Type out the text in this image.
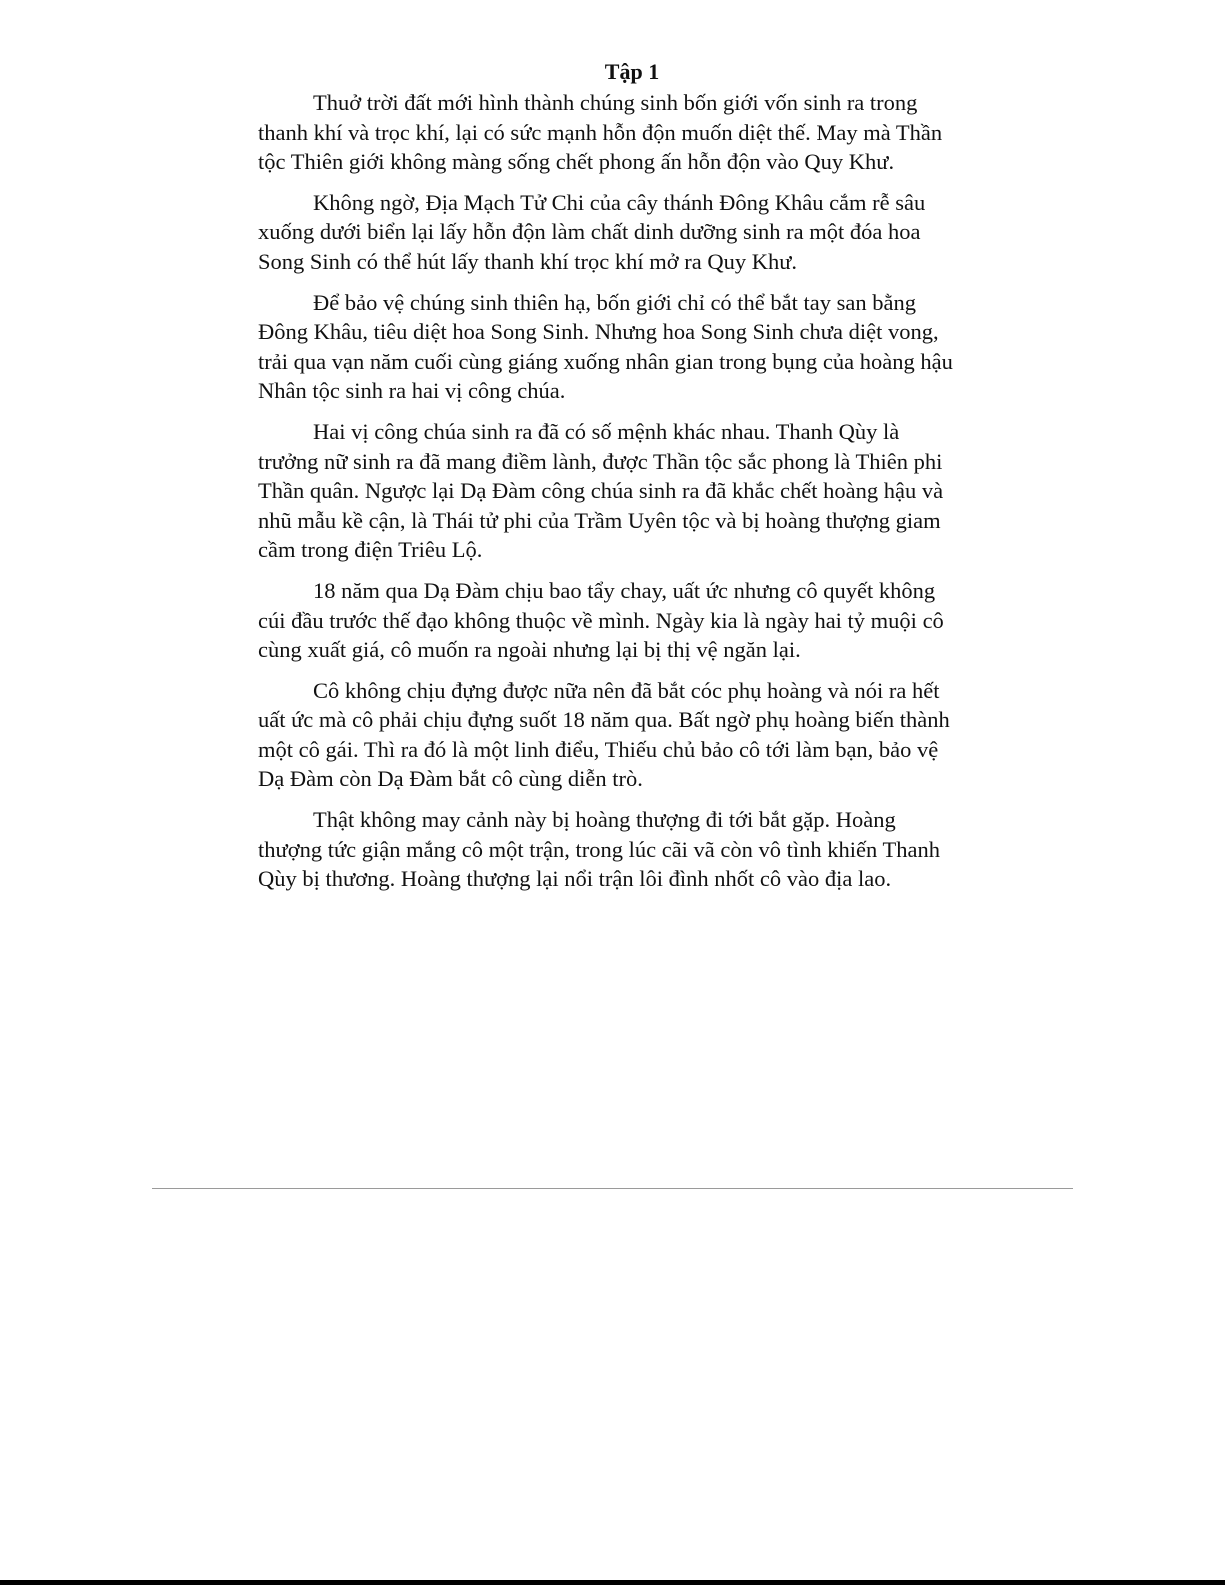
Tập 1

Thuở trời đất mới hình thành chúng sinh bốn giới vốn sinh ra trong thanh khí và trọc khí, lại có sức mạnh hỗn độn muốn diệt thế. May mà Thần tộc Thiên giới không màng sống chết phong ấn hỗn độn vào Quy Khư.

Không ngờ, Địa Mạch Tử Chi của cây thánh Đông Khâu cắm rễ sâu xuống dưới biển lại lấy hỗn độn làm chất dinh dưỡng sinh ra một đóa hoa Song Sinh có thể hút lấy thanh khí trọc khí mở ra Quy Khư.

Để bảo vệ chúng sinh thiên hạ, bốn giới chỉ có thể bắt tay san bằng Đông Khâu, tiêu diệt hoa Song Sinh. Nhưng hoa Song Sinh chưa diệt vong, trải qua vạn năm cuối cùng giáng xuống nhân gian trong bụng của hoàng hậu Nhân tộc sinh ra hai vị công chúa.

Hai vị công chúa sinh ra đã có số mệnh khác nhau. Thanh Qùy là trưởng nữ sinh ra đã mang điềm lành, được Thần tộc sắc phong là Thiên phi Thần quân. Ngược lại Dạ Đàm công chúa sinh ra đã khắc chết hoàng hậu và nhũ mẫu kề cận, là Thái tử phi của Trầm Uyên tộc và bị hoàng thượng giam cầm trong điện Triêu Lộ.

18 năm qua Dạ Đàm chịu bao tẩy chay, uất ức nhưng cô quyết không cúi đầu trước thế đạo không thuộc về mình. Ngày kia là ngày hai tỷ muội cô cùng xuất giá, cô muốn ra ngoài nhưng lại bị thị vệ ngăn lại.

Cô không chịu đựng được nữa nên đã bắt cóc phụ hoàng và nói ra hết uất ức mà cô phải chịu đựng suốt 18 năm qua. Bất ngờ phụ hoàng biến thành một cô gái. Thì ra đó là một linh điểu, Thiếu chủ bảo cô tới làm bạn, bảo vệ Dạ Đàm còn Dạ Đàm bắt cô cùng diễn trò.

Thật không may cảnh này bị hoàng thượng đi tới bắt gặp. Hoàng thượng tức giận mắng cô một trận, trong lúc cãi vã còn vô tình khiến Thanh Qùy bị thương. Hoàng thượng lại nổi trận lôi đình nhốt cô vào địa lao.
